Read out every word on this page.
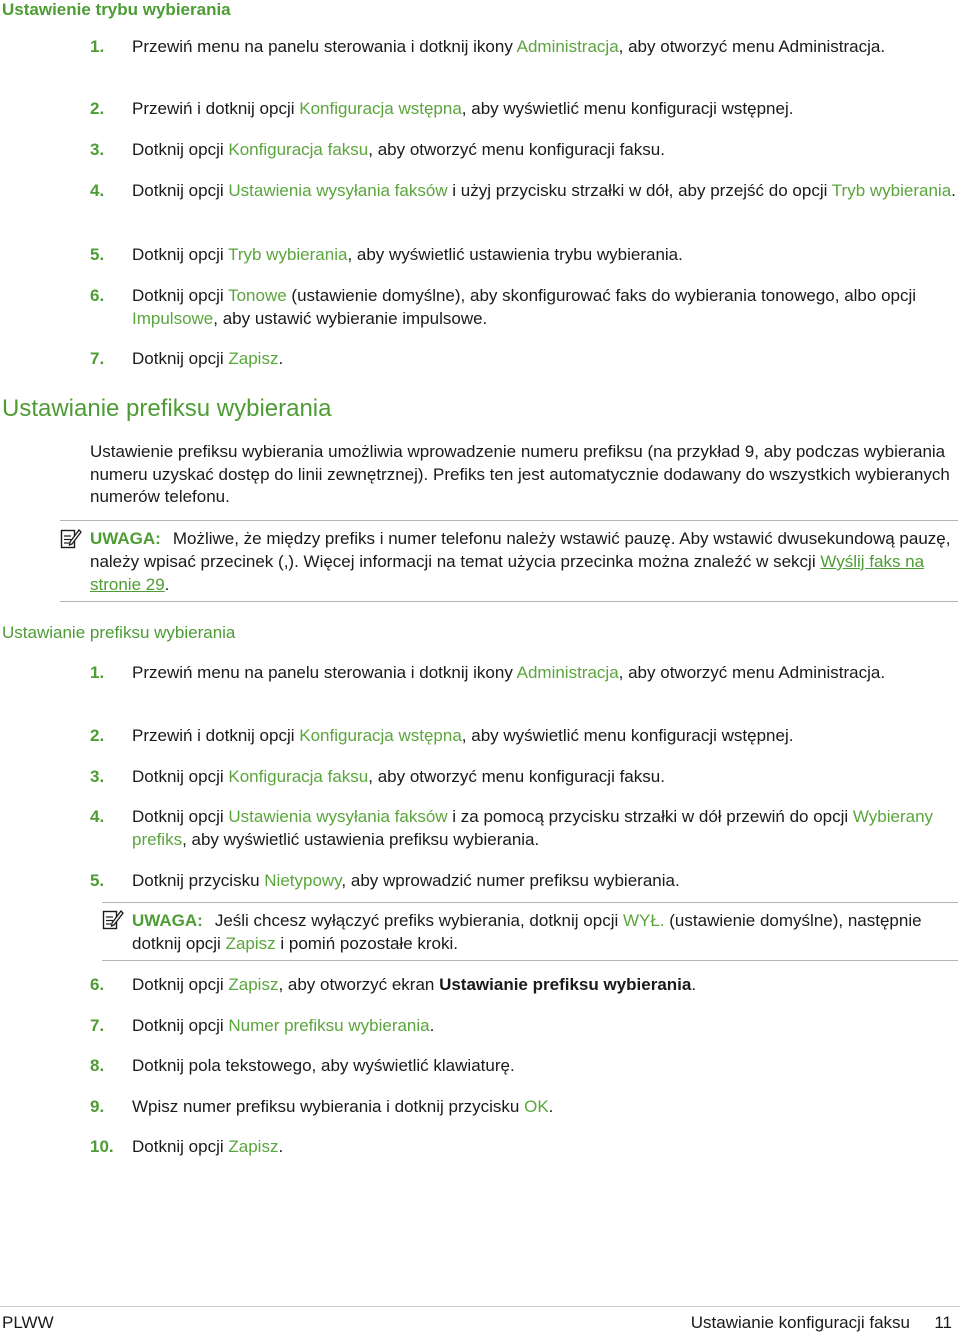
Ustawienie trybu wybierania
1. Przewiń menu na panelu sterowania i dotknij ikony Administracja, aby otworzyć menu Administracja.
2. Przewiń i dotknij opcji Konfiguracja wstępna, aby wyświetlić menu konfiguracji wstępnej.
3. Dotknij opcji Konfiguracja faksu, aby otworzyć menu konfiguracji faksu.
4. Dotknij opcji Ustawienia wysyłania faksów i użyj przycisku strzałki w dół, aby przejść do opcji Tryb wybierania.
5. Dotknij opcji Tryb wybierania, aby wyświetlić ustawienia trybu wybierania.
6. Dotknij opcji Tonowe (ustawienie domyślne), aby skonfigurować faks do wybierania tonowego, albo opcji Impulsowe, aby ustawić wybieranie impulsowe.
7. Dotknij opcji Zapisz.
Ustawianie prefiksu wybierania

Ustawienie prefiksu wybierania umożliwia wprowadzenie numeru prefiksu (na przykład 9, aby podczas wybierania numeru uzyskać dostęp do linii zewnętrznej). Prefiks ten jest automatycznie dodawany do wszystkich wybieranych numerów telefonu.

UWAGA: Możliwe, że między prefiks i numer telefonu należy wstawić pauzę. Aby wstawić dwusekundową pauzę, należy wpisać przecinek (,). Więcej informacji na temat użycia przecinka można znaleźć w sekcji Wyślij faks na stronie 29.
Ustawianie prefiksu wybierania
1. Przewiń menu na panelu sterowania i dotknij ikony Administracja, aby otworzyć menu Administracja.
2. Przewiń i dotknij opcji Konfiguracja wstępna, aby wyświetlić menu konfiguracji wstępnej.
3. Dotknij opcji Konfiguracja faksu, aby otworzyć menu konfiguracji faksu.
4. Dotknij opcji Ustawienia wysyłania faksów i za pomocą przycisku strzałki w dół przewiń do opcji Wybierany prefiks, aby wyświetlić ustawienia prefiksu wybierania.
5. Dotknij przycisku Nietypowy, aby wprowadzić numer prefiksu wybierania.
UWAGA: Jeśli chcesz wyłączyć prefiks wybierania, dotknij opcji WYŁ. (ustawienie domyślne), następnie dotknij opcji Zapisz i pomiń pozostałe kroki.
6. Dotknij opcji Zapisz, aby otworzyć ekran Ustawianie prefiksu wybierania.
7. Dotknij opcji Numer prefiksu wybierania.
8. Dotknij pola tekstowego, aby wyświetlić klawiaturę.
9. Wpisz numer prefiksu wybierania i dotknij przycisku OK.
10. Dotknij opcji Zapisz.
PLWW	Ustawianie konfiguracji faksu 11
